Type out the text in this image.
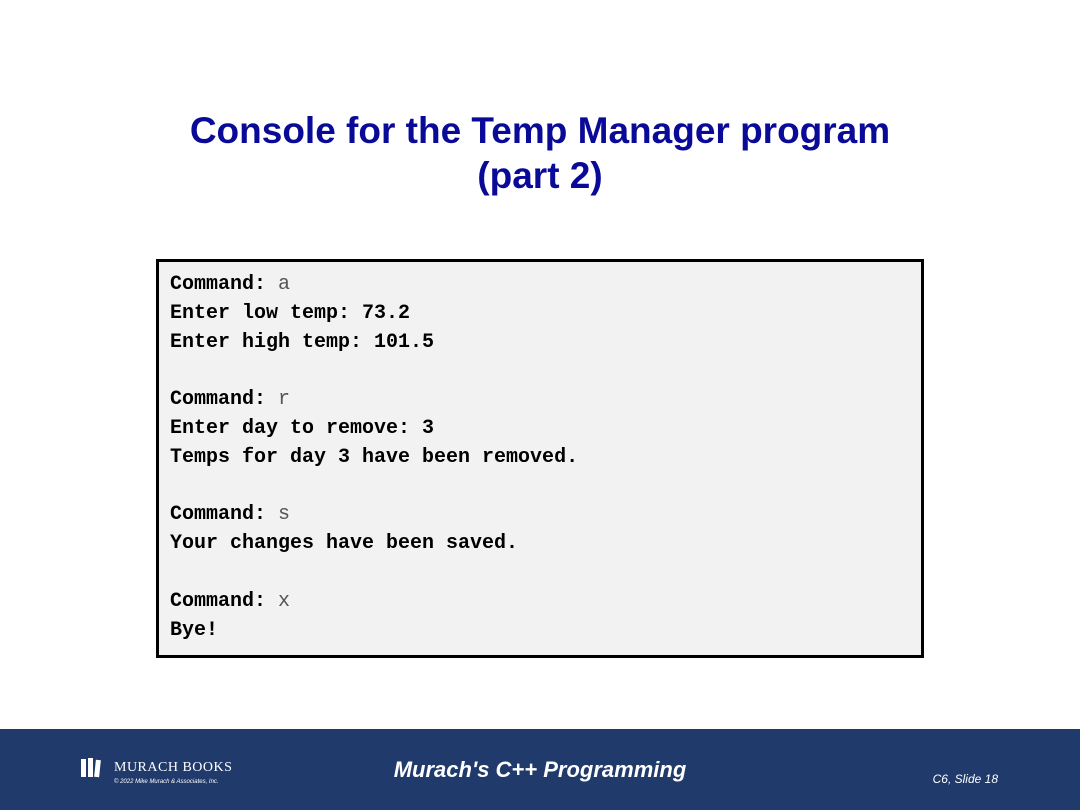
Console for the Temp Manager program
(part 2)
Command: a
Enter low temp: 73.2
Enter high temp: 101.5
Command: r
Enter day to remove: 3
Temps for day 3 have been removed.
Command: s
Your changes have been saved.
Command: x
Bye!
MURACH BOOKS
© 2022 Mike Murach & Associates, Inc.	Murach's C++ Programming	C6, Slide 18
